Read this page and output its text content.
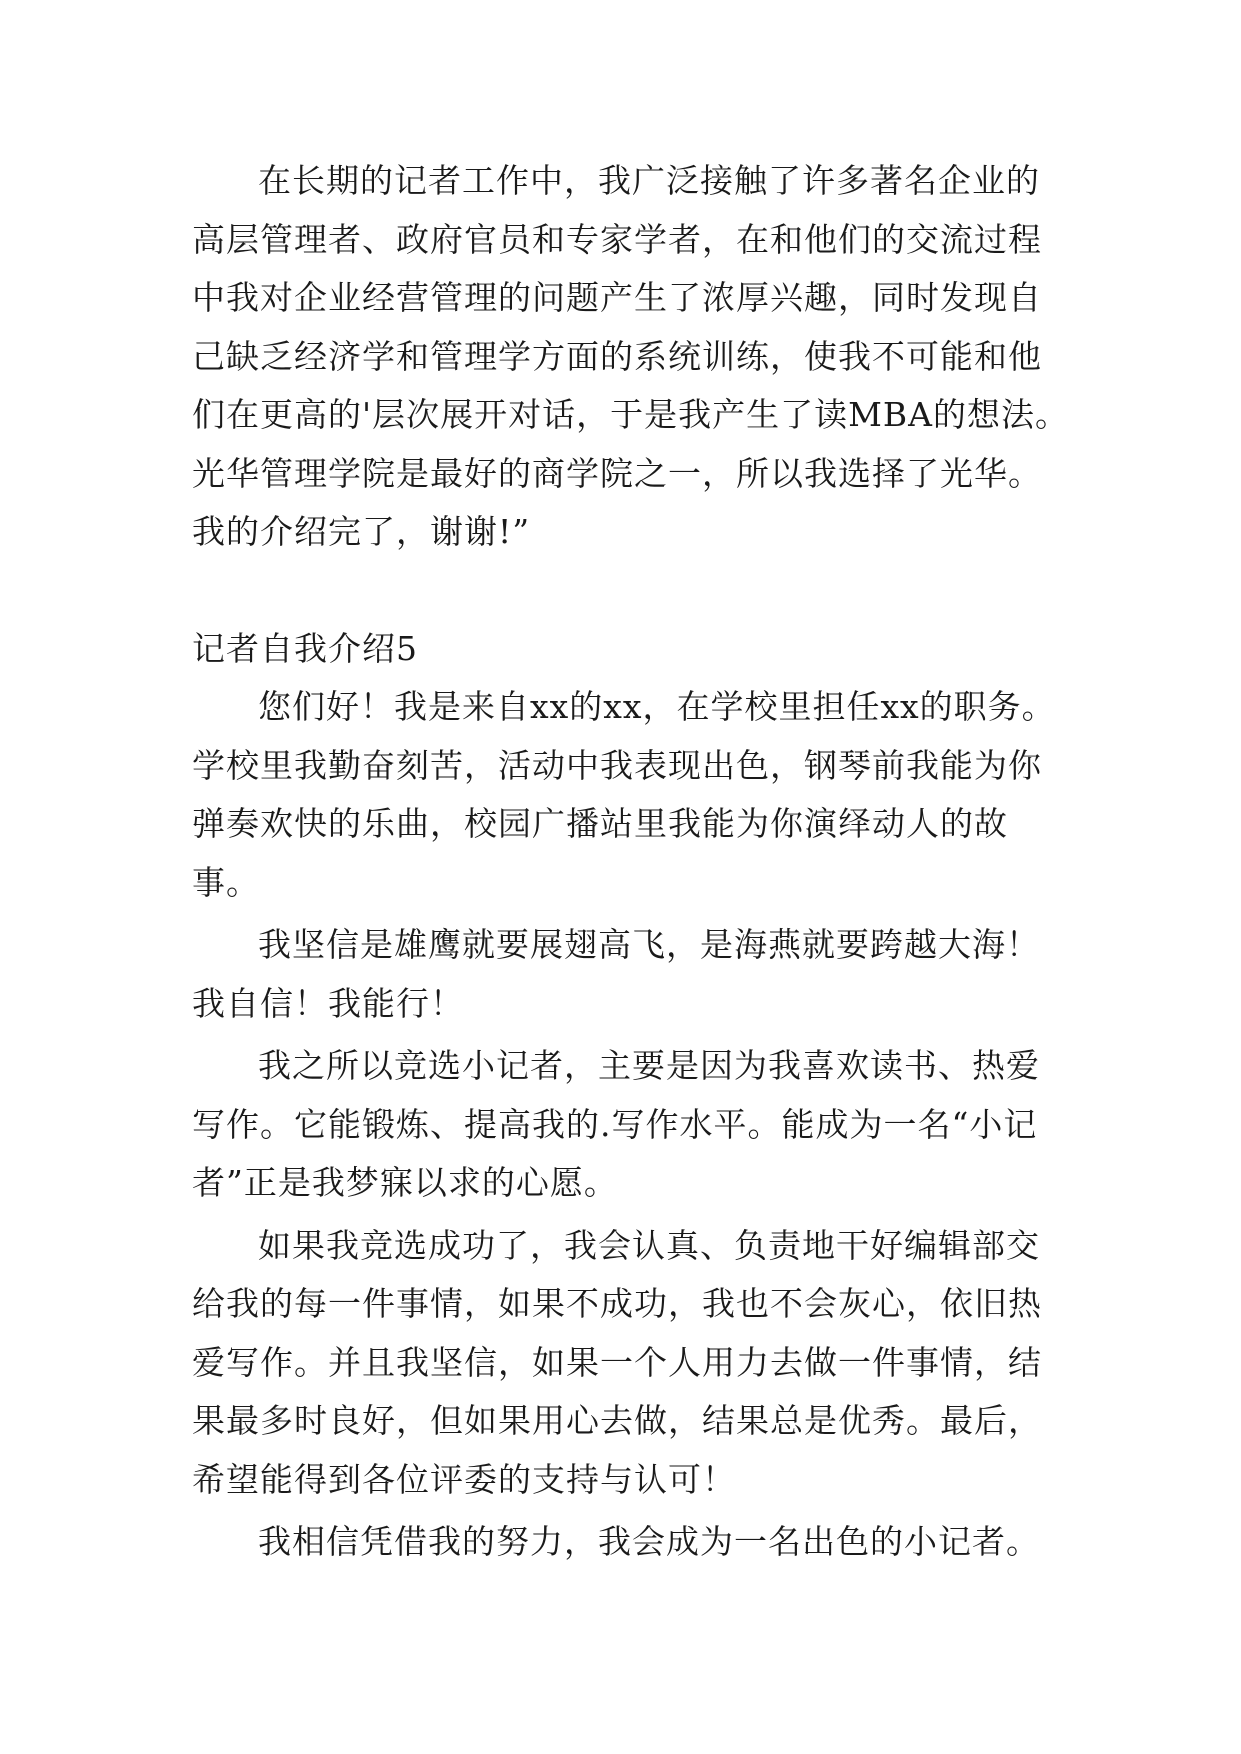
在长期的记者工作中，我广泛接触了许多著名企业的高层管理者、政府官员和专家学者，在和他们的交流过程中我对企业经营管理的问题产生了浓厚兴趣，同时发现自己缺乏经济学和管理学方面的系统训练，使我不可能和他们在更高的'层次展开对话，于是我产生了读MBA的想法。光华管理学院是最好的商学院之一，所以我选择了光华。我的介绍完了，谢谢!”

记者自我介绍5

您们好！我是来自xx的xx，在学校里担任xx的职务。学校里我勤奋刻苦，活动中我表现出色，钢琴前我能为你弹奏欢快的乐曲，校园广播站里我能为你演绎动人的故事。

我坚信是雄鹰就要展翅高飞，是海燕就要跨越大海！我自信！我能行！

我之所以竞选小记者，主要是因为我喜欢读书、热爱写作。它能锻炼、提高我的.写作水平。能成为一名“小记者”正是我梦寐以求的心愿。

如果我竞选成功了，我会认真、负责地干好编辑部交给我的每一件事情，如果不成功，我也不会灰心，依旧热爱写作。并且我坚信，如果一个人用力去做一件事情，结果最多时良好，但如果用心去做，结果总是优秀。最后，希望能得到各位评委的支持与认可！

我相信凭借我的努力，我会成为一名出色的小记者。
